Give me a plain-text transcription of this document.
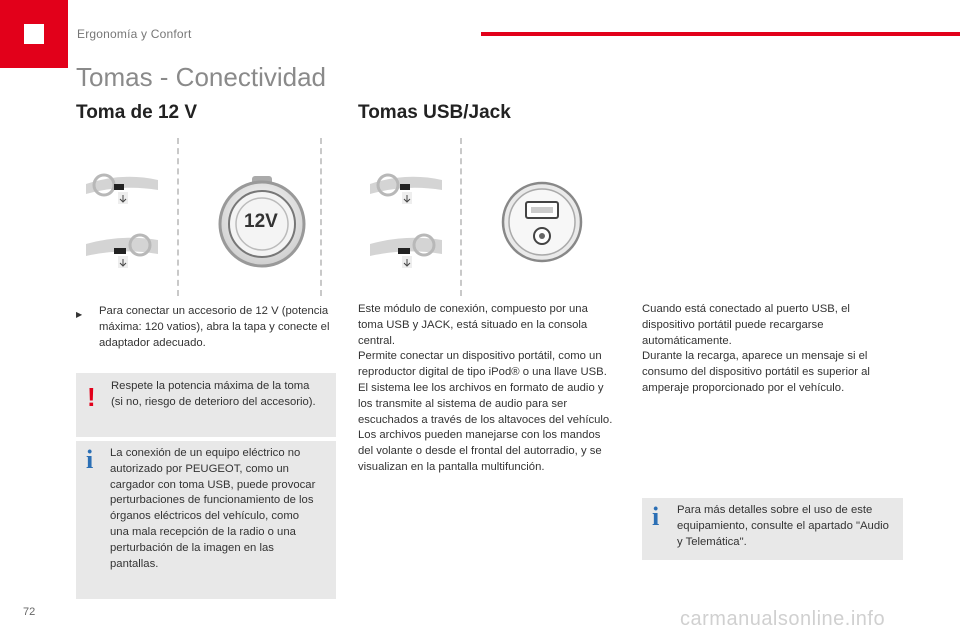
Ergonomía y Confort
Tomas - Conectividad
Toma de 12 V	Tomas USB/Jack
12V
▶ Para conectar un accesorio de 12 V (potencia máxima: 120 vatios), abra la tapa y conecte el adaptador adecuado.
! Respete la potencia máxima de la toma (si no, riesgo de deterioro del accesorio).
i La conexión de un equipo eléctrico no autorizado por PEUGEOT, como un cargador con toma USB, puede provocar perturbaciones de funcionamiento de los órganos eléctricos del vehículo, como una mala recepción de la radio o una perturbación de la imagen en las pantallas.
Este módulo de conexión, compuesto por una toma USB y JACK, está situado en la consola central.
Permite conectar un dispositivo portátil, como un reproductor digital de tipo iPod® o una llave USB.
El sistema lee los archivos en formato de audio y los transmite al sistema de audio para ser escuchados a través de los altavoces del vehículo.
Los archivos pueden manejarse con los mandos del volante o desde el frontal del autorradio, y se visualizan en la pantalla multifunción.
Cuando está conectado al puerto USB, el dispositivo portátil puede recargarse automáticamente.
Durante la recarga, aparece un mensaje si el consumo del dispositivo portátil es superior al amperaje proporcionado por el vehículo.
i Para más detalles sobre el uso de este equipamiento, consulte el apartado "Audio y Telemática".
72	carmanualsonline.info
